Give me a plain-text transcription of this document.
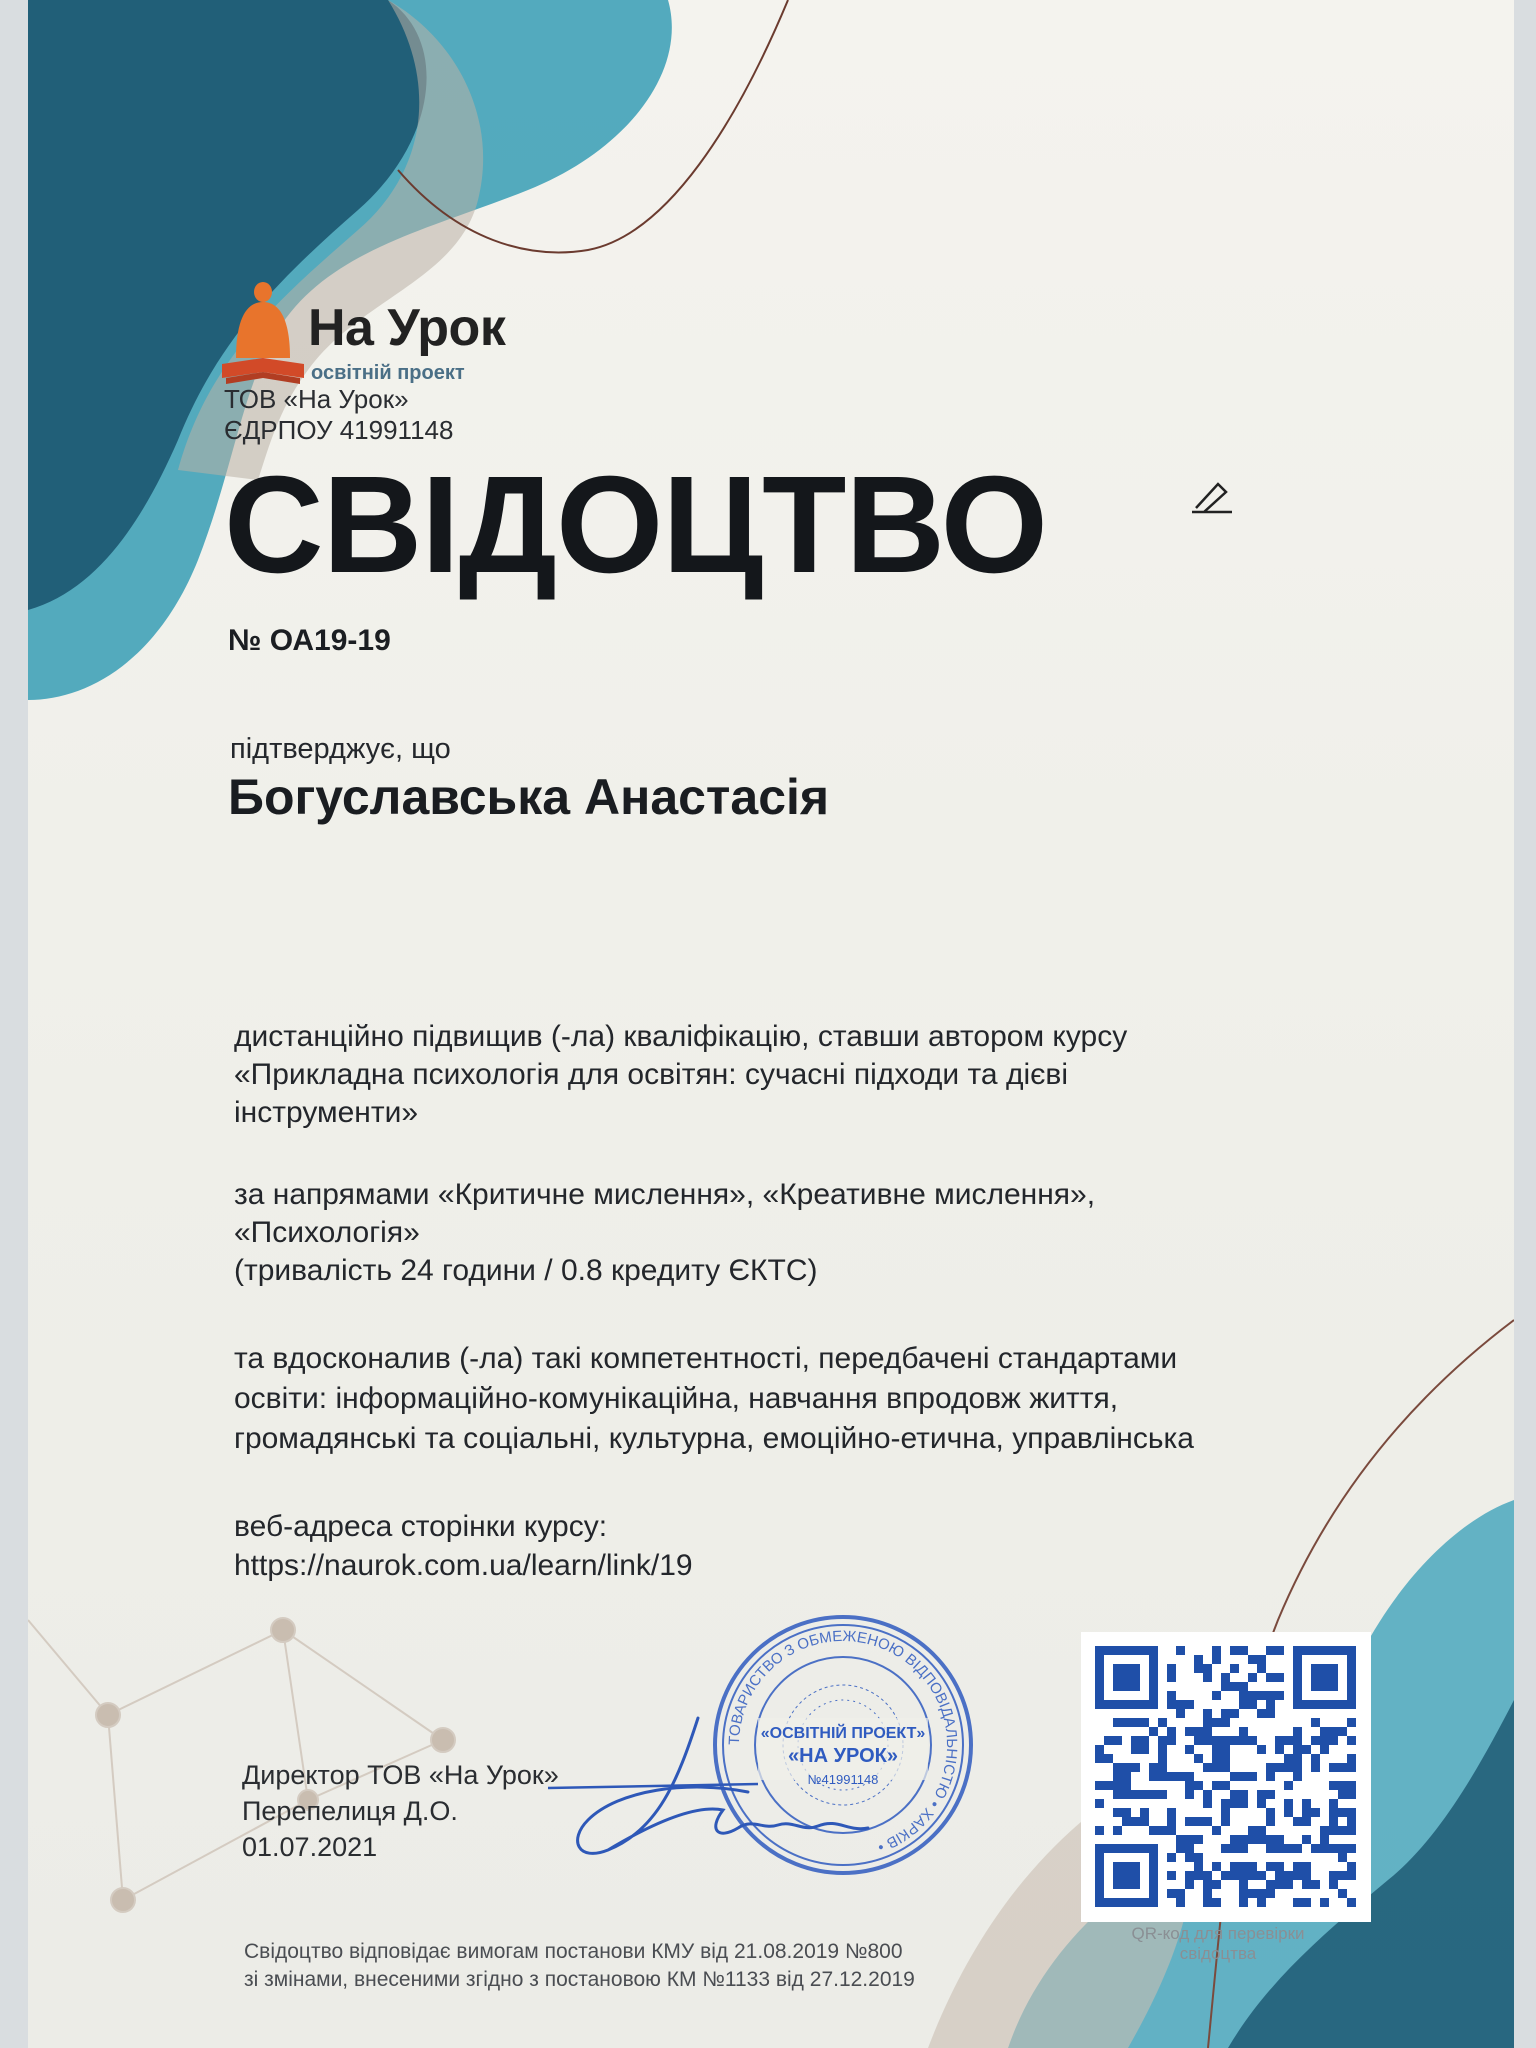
На Урок
освітній проект
ТОВ «На Урок»
ЄДРПОУ 41991148
СВІДОЦТВО
№ ОА19-19
підтверджує, що
Богуславська Анастасія
дистанційно підвищив (-ла) кваліфікацію, ставши автором курсу
«Прикладна психологія для освітян: сучасні підходи та дієві
інструменти»
за напрямами «Критичне мислення», «Креативне мислення»,
«Психологія»
(тривалість 24 години / 0.8 кредиту ЄКТС)
та вдосконалив (-ла) такі компетентності, передбачені стандартами
освіти: інформаційно-комунікаційна, навчання впродовж життя,
громадянські та соціальні, культурна, емоційно-етична, управлінська
веб-адреса сторінки курсу:
https://naurok.com.ua/learn/link/19
Директор ТОВ «На Урок»
Перепелиця Д.О.
01.07.2021
ТОВАРИСТВО З ОБМЕЖЕНОЮ ВІДПОВІДАЛЬНІСТЮ • ХАРКІВ •
«ОСВІТНІЙ ПРОЕКТ»
«НА УРОК»
№41991148
QR-код для перевірки свідоцтва
Свідоцтво відповідає вимогам постанови КМУ від 21.08.2019 №800
зі змінами, внесеними згідно з постановою КМ №1133 від 27.12.2019
